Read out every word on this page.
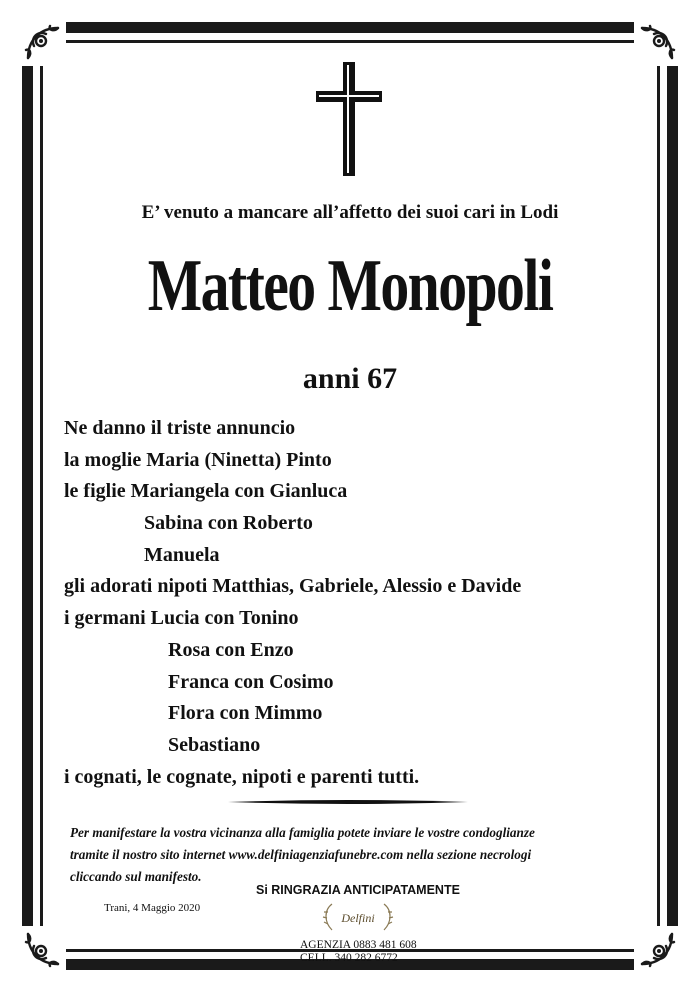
E’ venuto a mancare all’affetto dei suoi cari in Lodi
Matteo Monopoli
anni 67
Ne danno il triste annuncio
la moglie Maria (Ninetta) Pinto
le figlie Mariangela con Gianluca
Sabina con Roberto
Manuela
gli adorati nipoti Matthias, Gabriele, Alessio e Davide
i germani Lucia con Tonino
Rosa con Enzo
Franca con Cosimo
Flora con Mimmo
Sebastiano
i cognati, le cognate, nipoti e parenti tutti.
Per manifestare la vostra vicinanza alla famiglia potete inviare le vostre condoglianze
tramite il nostro sito internet www.delfiniagenziafunebre.com nella sezione necrologi
cliccando sul manifesto.
Si RINGRAZIA ANTICIPATAMENTE
Trani, 4 Maggio 2020
Delfini
AGENZIA 0883 481 608
CELL. 340 282 6772
